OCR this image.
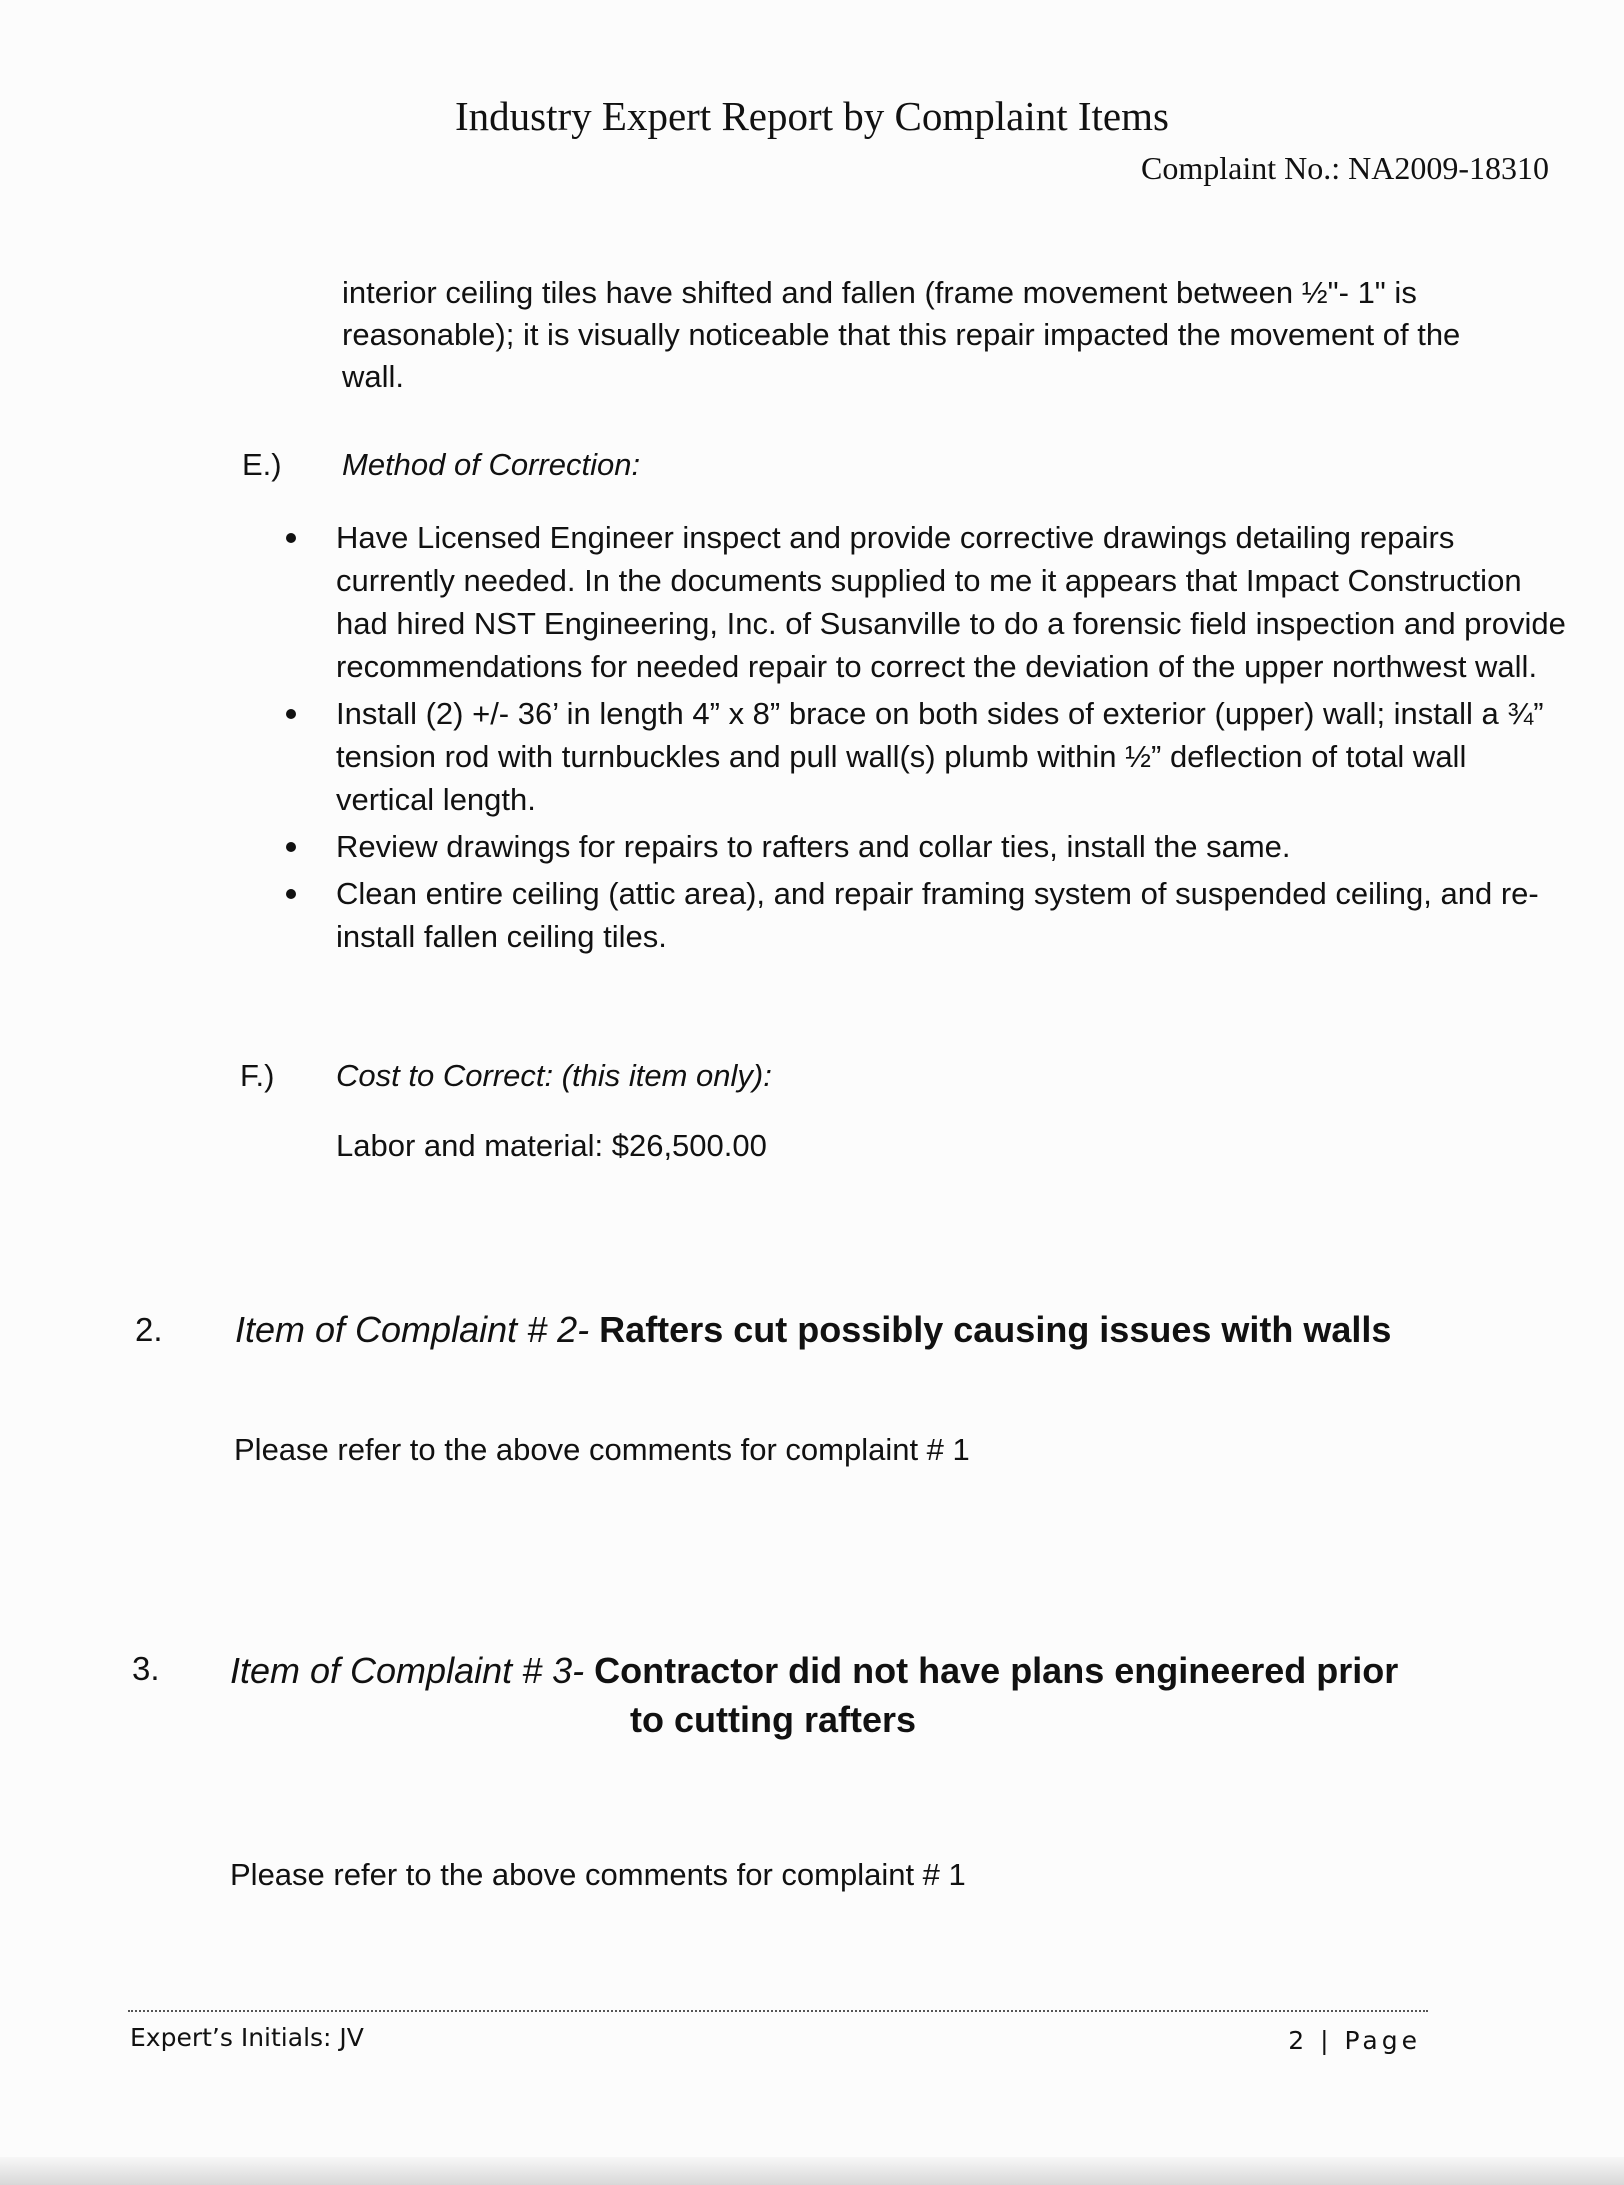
Industry Expert Report by Complaint Items
Complaint No.: NA2009-18310
interior ceiling tiles have shifted and fallen (frame movement between ½"- 1" is reasonable); it is visually noticeable that this repair impacted the movement of the wall.
E.) Method of Correction:
Have Licensed Engineer inspect and provide corrective drawings detailing repairs currently needed. In the documents supplied to me it appears that Impact Construction had hired NST Engineering, Inc. of Susanville to do a forensic field inspection and provide recommendations for needed repair to correct the deviation of the upper northwest wall.
Install (2) +/- 36’ in length 4” x 8” brace on both sides of exterior (upper) wall; install a ¾” tension rod with turnbuckles and pull wall(s) plumb within ½” deflection of total wall vertical length.
Review drawings for repairs to rafters and collar ties, install the same.
Clean entire ceiling (attic area), and repair framing system of suspended ceiling, and re-install fallen ceiling tiles.
F.) Cost to Correct: (this item only):
Labor and material: $26,500.00
2. Item of Complaint # 2- Rafters cut possibly causing issues with walls
Please refer to the above comments for complaint # 1
3. Item of Complaint # 3- Contractor did not have plans engineered prior
to cutting rafters
Please refer to the above comments for complaint # 1
Expert’s Initials: JV	2 | Page
